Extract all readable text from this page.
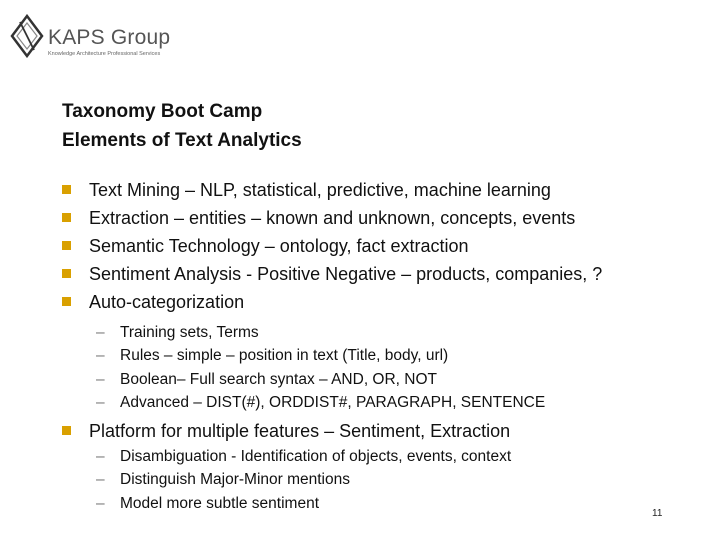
KAPS Group
Knowledge Architecture Professional Services
Taxonomy Boot Camp
Elements of Text Analytics
Text Mining – NLP, statistical, predictive, machine learning
Extraction – entities – known and unknown, concepts, events
Semantic Technology – ontology, fact extraction
Sentiment Analysis - Positive Negative – products, companies, ?
Auto-categorization
– Training sets, Terms
– Rules – simple – position in text (Title, body, url)
– Boolean– Full search syntax – AND, OR, NOT
– Advanced – DIST(#), ORDDIST#, PARAGRAPH, SENTENCE
Platform for multiple features – Sentiment, Extraction
– Disambiguation - Identification of objects, events, context
– Distinguish Major-Minor mentions
– Model more subtle sentiment
11
